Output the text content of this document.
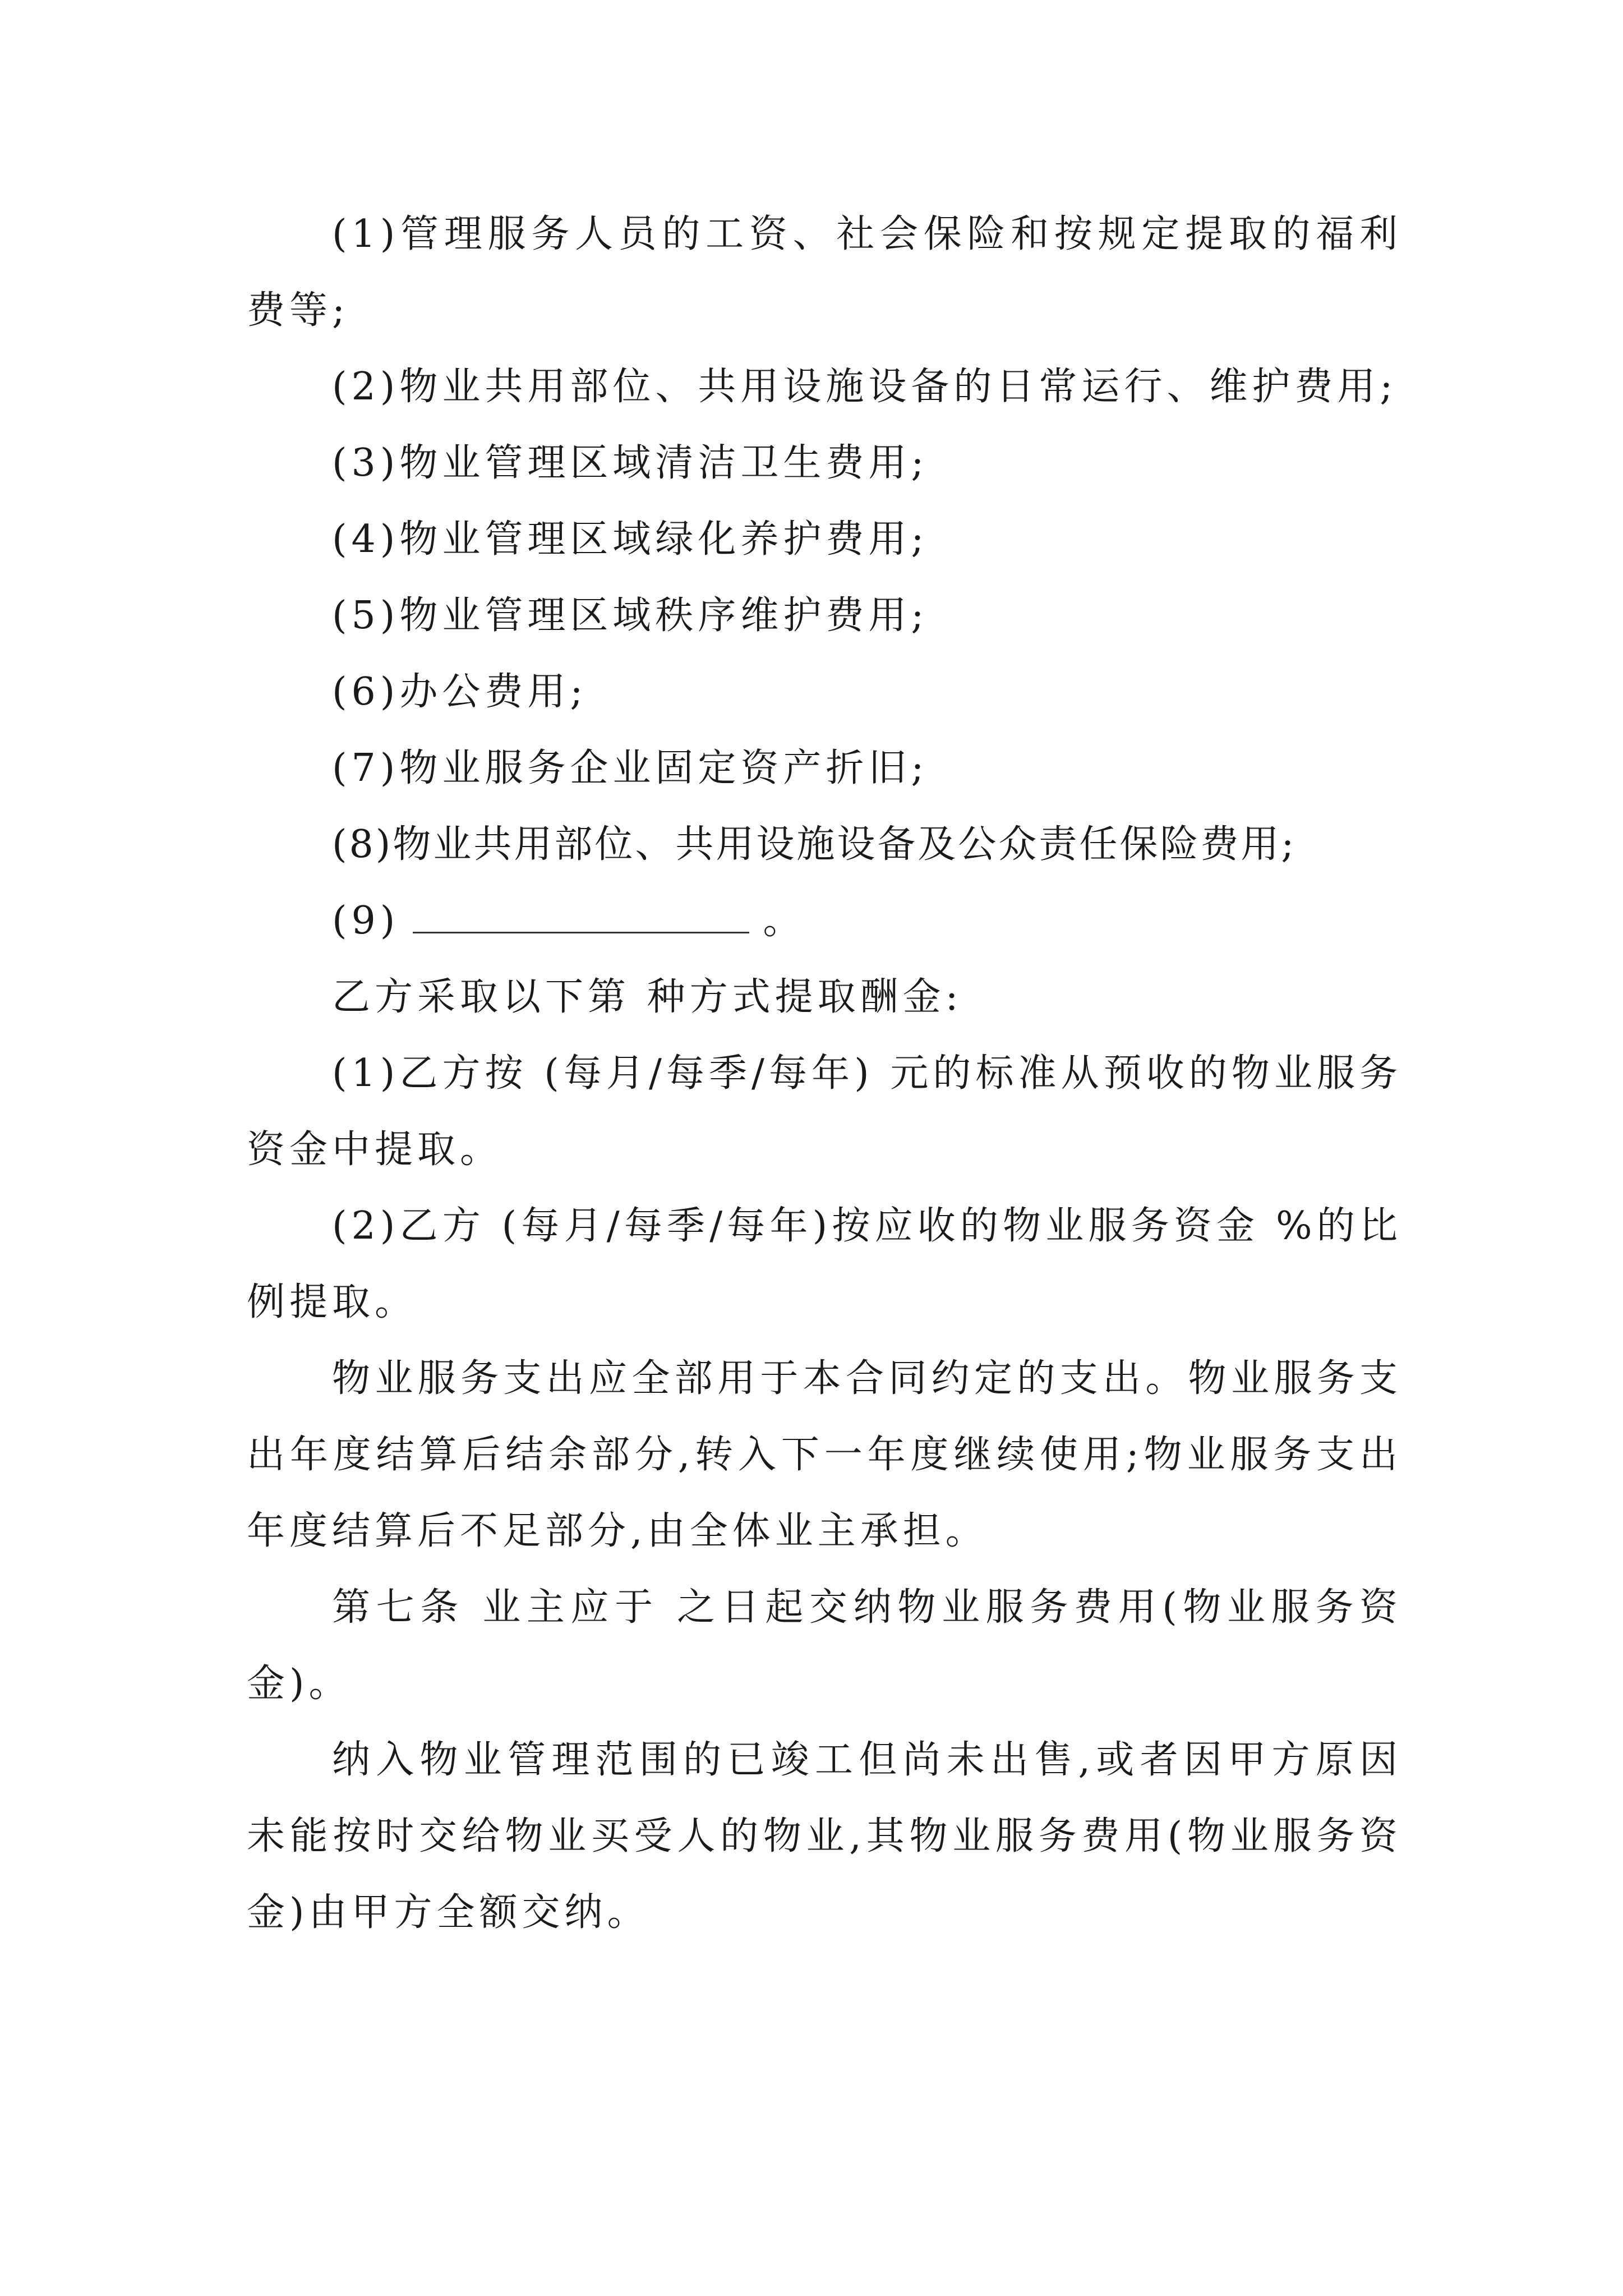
(1)管理服务人员的工资、社会保险和按规定提取的福利费等;

(2)物业共用部位、共用设施设备的日常运行、维护费用;

(3)物业管理区域清洁卫生费用;

(4)物业管理区域绿化养护费用;

(5)物业管理区域秩序维护费用;

(6)办公费用;

(7)物业服务企业固定资产折旧;

(8)物业共用部位、共用设施设备及公众责任保险费用;

(9)	。

乙方采取以下第 种方式提取酬金:

(1)乙方按 (每月/每季/每年) 元的标准从预收的物业服务资金中提取。

(2)乙方 (每月/每季/每年)按应收的物业服务资金 %的比例提取。

物业服务支出应全部用于本合同约定的支出。物业服务支出年度结算后结余部分,转入下一年度继续使用;物业服务支出年度结算后不足部分,由全体业主承担。

第七条 业主应于 之日起交纳物业服务费用(物业服务资金)。

纳入物业管理范围的已竣工但尚未出售,或者因甲方原因未能按时交给物业买受人的物业,其物业服务费用(物业服务资金)由甲方全额交纳。
